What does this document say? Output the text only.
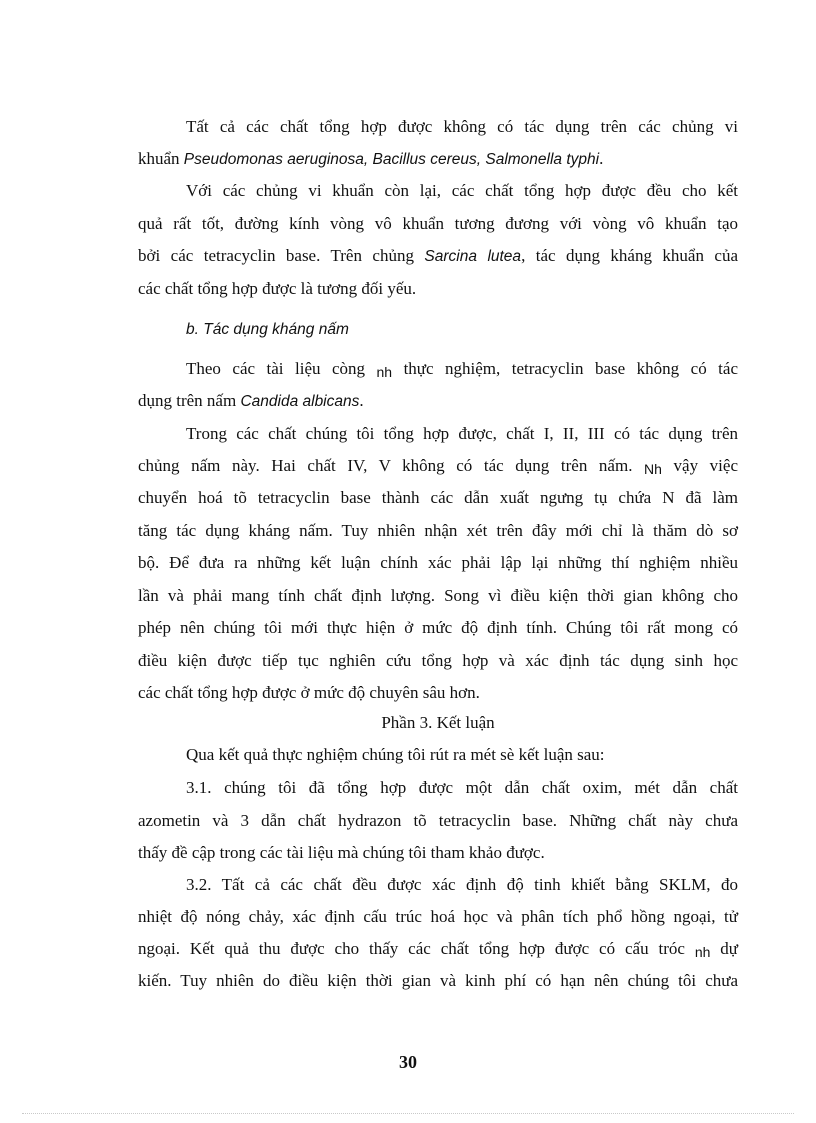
Tất cả các chất tổng hợp được không có tác dụng trên các chủng vi
khuẩn Pseudomonas aeruginosa, Bacillus cereus, Salmonella typhi.
Với các chủng vi khuẩn còn lại, các chất tổng hợp được đều cho kết
quả rất tốt, đường kính vòng vô khuẩn tương đương với vòng vô khuẩn tạo
bởi các tetracyclin base. Trên chủng Sarcina lutea, tác dụng kháng khuẩn của
các chất tổng hợp được là tương đối yếu.
b. Tác dụng kháng nấm
Theo các tài liệu còng nh thực nghiệm, tetracyclin base không có tác
dụng trên nấm Candida albicans.
Trong các chất chúng tôi tổng hợp được, chất I, II, III có tác dụng trên
chủng nấm này. Hai chất IV, V không có tác dụng trên nấm. Nh vậy việc
chuyển hoá tõ tetracyclin base thành các dẫn xuất ngưng tụ chứa N đã làm
tăng tác dụng kháng nấm. Tuy nhiên nhận xét trên đây mới chỉ là thăm dò sơ
bộ. Để đưa ra những kết luận chính xác phải lập lại những thí nghiệm nhiều
lần và phải mang tính chất định lượng. Song vì điều kiện thời gian không cho
phép nên chúng tôi mới thực hiện ở mức độ định tính. Chúng tôi rất mong có
điều kiện được tiếp tục nghiên cứu tổng hợp và xác định tác dụng sinh học
các chất tổng hợp được ở mức độ chuyên sâu hơn.
Phần 3. Kết luận
Qua kết quả thực nghiệm chúng tôi rút ra mét sè kết luận sau:
3.1. chúng tôi đã tổng hợp được một dẫn chất oxim, mét dẫn chất
azometin và 3 dẫn chất hydrazon tõ tetracyclin base. Những chất này chưa
thấy đề cập trong các tài liệu mà chúng tôi tham khảo được.
3.2. Tất cả các chất đều được xác định độ tinh khiết bằng SKLM, đo
nhiệt độ nóng chảy, xác định cấu trúc hoá học và phân tích phổ hồng ngoại, tử
ngoại. Kết quả thu được cho thấy các chất tổng hợp được có cấu tróc nh dự
kiến. Tuy nhiên do điều kiện thời gian và kinh phí có hạn nên chúng tôi chưa
30
